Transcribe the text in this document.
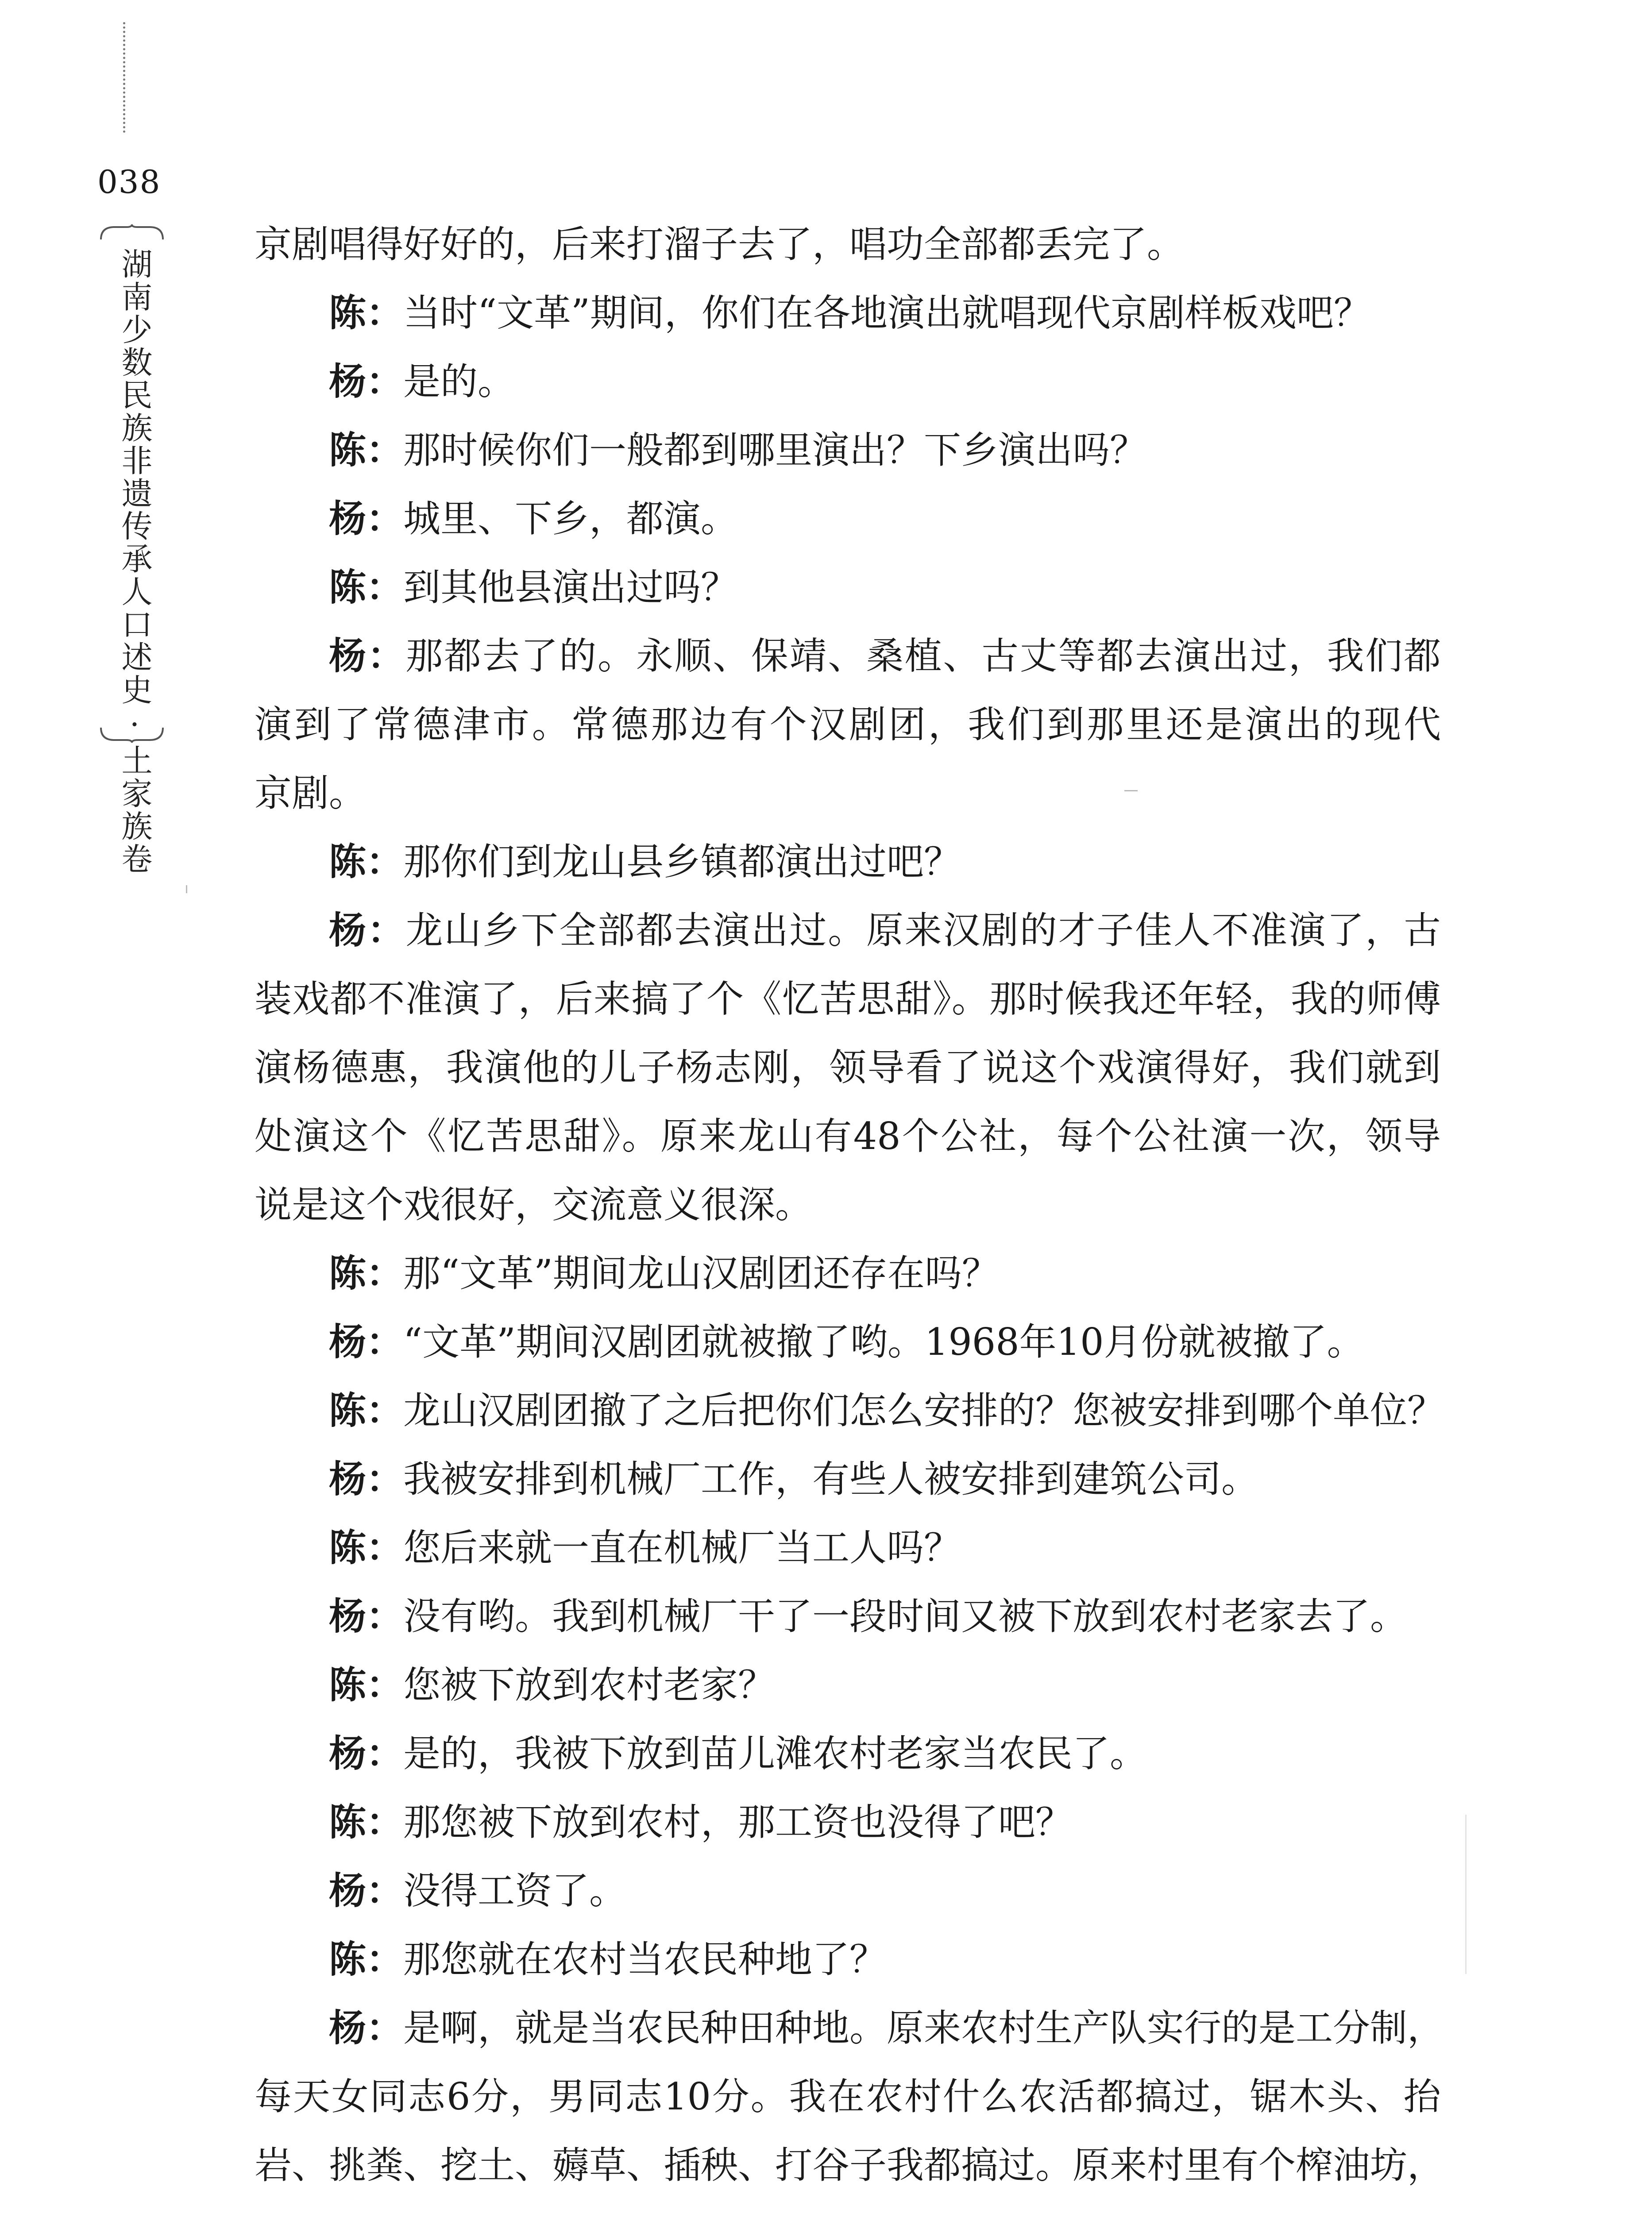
038
湖南少数民族非遗传承人口述史·土家族卷
京剧唱得好好的，后来打溜子去了，唱功全部都丢完了。
陈：当时“文革”期间，你们在各地演出就唱现代京剧样板戏吧？
杨：是的。
陈：那时候你们一般都到哪里演出？下乡演出吗？
杨：城里、下乡，都演。
陈：到其他县演出过吗？
杨：那都去了的。永顺、保靖、桑植、古丈等都去演出过，我们都
演到了常德津市。常德那边有个汉剧团，我们到那里还是演出的现代
京剧。
陈：那你们到龙山县乡镇都演出过吧？
杨：龙山乡下全部都去演出过。原来汉剧的才子佳人不准演了，古
装戏都不准演了，后来搞了个《忆苦思甜》。那时候我还年轻，我的师傅
演杨德惠，我演他的儿子杨志刚，领导看了说这个戏演得好，我们就到
处演这个《忆苦思甜》。原来龙山有48个公社，每个公社演一次，领导
说是这个戏很好，交流意义很深。
陈：那“文革”期间龙山汉剧团还存在吗？
杨：“文革”期间汉剧团就被撤了哟。1968年10月份就被撤了。
陈：龙山汉剧团撤了之后把你们怎么安排的？您被安排到哪个单位？
杨：我被安排到机械厂工作，有些人被安排到建筑公司。
陈：您后来就一直在机械厂当工人吗？
杨：没有哟。我到机械厂干了一段时间又被下放到农村老家去了。
陈：您被下放到农村老家？
杨：是的，我被下放到苗儿滩农村老家当农民了。
陈：那您被下放到农村，那工资也没得了吧？
杨：没得工资了。
陈：那您就在农村当农民种地了？
杨：是啊，就是当农民种田种地。原来农村生产队实行的是工分制，
每天女同志6分，男同志10分。我在农村什么农活都搞过，锯木头、抬
岩、挑粪、挖土、薅草、插秧、打谷子我都搞过。原来村里有个榨油坊，
